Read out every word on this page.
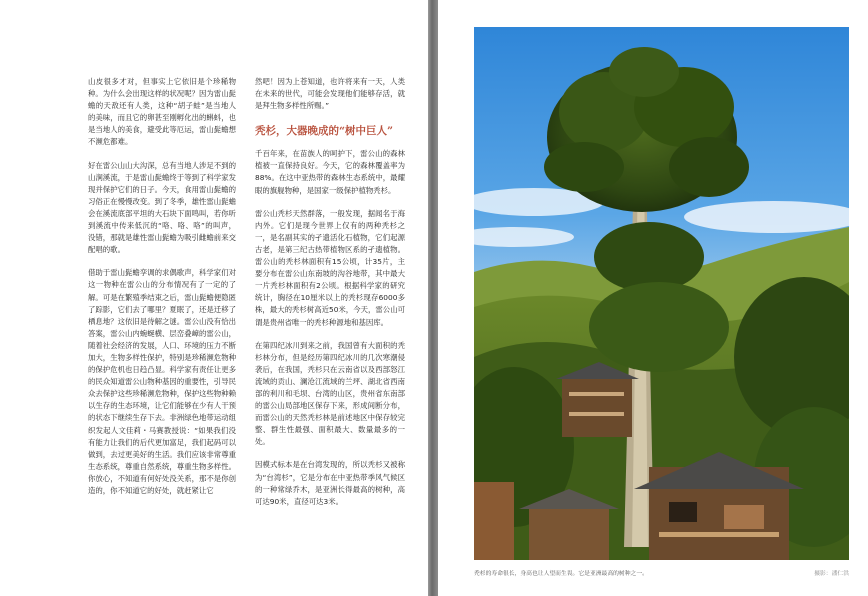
山皮很多才对，但事实上它依旧是个珍稀物种。为什么会出现这样的状况呢？因为雷山髭蟾的天敌还有人类，这种“胡子蛙”是当地人的美味，而且它的卵甚至刚孵化出的蝌蚪，也是当地人的美食，避受此等厄运，雷山髭蟾想不濒危都难。

好在雷公山山大沟深，总有当地人涉足不到的山涧溪流，于是雷山髭蟾终于等到了科学家发现并保护它们的日子。今天，食用雷山髭蟾的习俗正在慢慢改变。到了冬季，雄性雷山髭蟾会在溪流底部平坦的大石块下面鸣叫，若你听到溪流中传来低沉的“咯、咯、咯”的叫声，没错，那就是雄性雷山髭蟾为吸引雌蟾前来交配唱的歌。

借助于雷山髭蟾孪调的求偶歌声，科学家们对这一物种在雷公山的分布情况有了一定的了解。可是在繁殖季结束之后，雷山髭蟾便隐匿了踪影，它们去了哪里？夏眠了，还是迁移了栖息地？这依旧是待解之谜。雷公山没有恰出答案，雷公山内蜿蜒横、层峦叠嶂的雷公山，随着社会经济的发展，人口、环境的压力不断加大，生物多样性保护，特别是珍稀濒危物种的保护危机也日趋凸显。科学家有责任让更多的民众知道雷公山物种基因的重要性，引导民众去保护这些珍稀濒危物种，保护这些物种赖以生存的生态环境，让它们能够在少有人干预的状态下继续生存下去。非洲绿色地带运动组织发起人文佳莉・马赛教授说：“如果我们没有能力让我们的后代更加富足，我们起码可以做到，去过更美好的生活。我们应该非常尊重生态系统，尊重自然系统，尊重生物多样性。你放心，不知道有何好处没关系，那不是你创造的，你不知道它的好处，就赶紧让它

然吧！因为上苍知道，也许将来有一天，人类在未来的世代，可能会发现他们能够存活，就是拜生物多样性所赐。”

秃杉，大器晚成的“树中巨人”

千百年来，在苗族人的呵护下，雷公山的森林植被一直保持良好。今天，它的森林覆盖率为88%。在这中亚热带的森林生态系统中，最耀眼的旗舰物种，是国家一级保护植物秃杉。

雷公山秃杉天然群落，一般发现，据闻名于海内外。它们是现今世界上仅有的两种秃杉之一，是名副其实的孑遗活化石植物，它们起源古老，是第三纪古热带植物区系的孑遗植物。雷公山的秃杉林面积有15公顷，计35片，主要分布在雷公山东南坡的沟谷地带，其中最大一片秃杉林面积有2公顷。根据科学家的研究统计，胸径在10厘米以上的秃杉现存6000多株，最大的秃杉树高近50米，今天，雷公山可谓是贵州省唯一的秃杉种源地和基因库。

在第四纪冰川到来之前，我国曾有大面积的秃杉林分布，但是经历第四纪冰川的几次寒潮侵袭后，在我国，秃杉只在云南省以及西部怒江流域的贡山、澜沧江流域的兰坪、湖北省西南部的利川和毛坝、台湾的山区，贵州省东南部的雷公山局部地区保存下来，形成间断分布，而雷公山的天然秃杉林是前述地区中保存较完整、群生性最强、面积最大、数量最多的一处。

因模式标本是在台湾发现的，所以秃杉又被称为“台湾杉”，它是分布在中亚热带季风气候区的一种常绿乔木，是亚洲长得最高的树种，高可达90米，直径可达3米。

秃杉的寿命很长，身高也让人望而生畏。它是亚洲最高的树种之一。	摄影：潘仁洪
